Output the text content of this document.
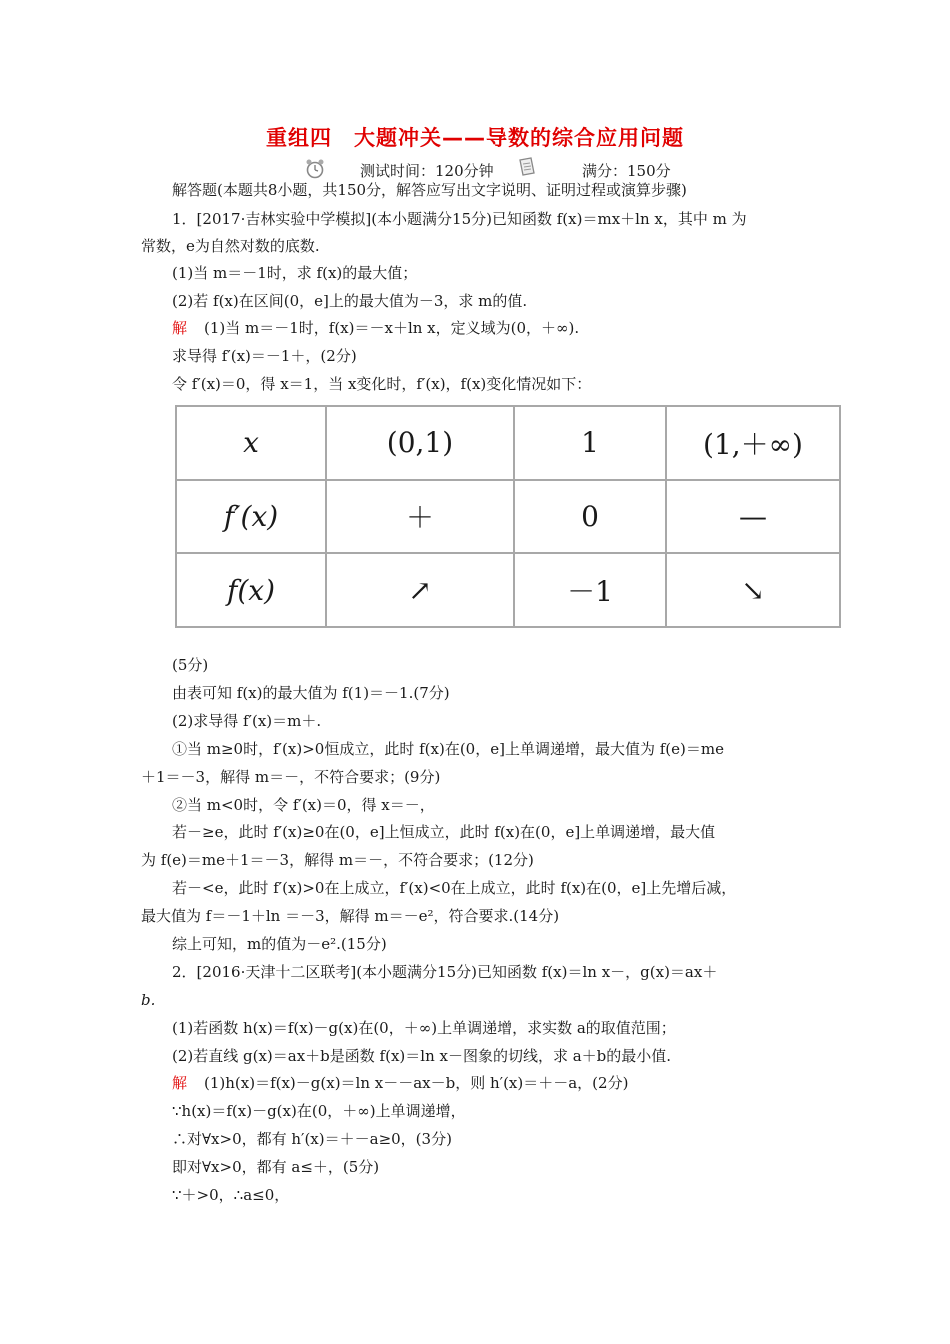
重组四　大题冲关——导数的综合应用问题
测试时间：120分钟	满分：150分
解答题(本题共8小题，共150分，解答应写出文字说明、证明过程或演算步骤)
1．[2017·吉林实验中学模拟](本小题满分15分)已知函数 f(x)＝mx＋ln x，其中 m 为
常数，e为自然对数的底数.
(1)当 m＝－1时，求 f(x)的最大值；
(2)若 f(x)在区间(0，e]上的最大值为－3，求 m的值.
解 (1)当 m＝－1时，f(x)＝－x＋ln x，定义域为(0，＋∞).
求导得 f′(x)＝－1＋，(2分)
令 f′(x)＝0，得 x＝1，当 x变化时，f′(x)，f(x)变化情况如下：
x	(0,1)	1	(1,＋∞)
f′(x)	＋	0	—
f(x)	↗	－1	↘
(5分)
由表可知 f(x)的最大值为 f(1)＝－1.(7分)
(2)求导得 f′(x)＝m＋.
①当 m≥0时，f′(x)>0恒成立，此时 f(x)在(0，e]上单调递增，最大值为 f(e)＝me
＋1＝－3，解得 m＝－，不符合要求；(9分)
②当 m<0时，令 f′(x)＝0，得 x＝－，
若－≥e，此时 f′(x)≥0在(0，e]上恒成立，此时 f(x)在(0，e]上单调递增，最大值
为 f(e)＝me＋1＝－3，解得 m＝－，不符合要求；(12分)
若－<e，此时 f′(x)>0在上成立，f′(x)<0在上成立，此时 f(x)在(0，e]上先增后减，
最大值为 f＝－1＋ln ＝－3，解得 m＝－e²，符合要求.(14分)
综上可知，m的值为－e².(15分)
2．[2016·天津十二区联考](本小题满分15分)已知函数 f(x)＝ln x－，g(x)＝ax＋
b.
(1)若函数 h(x)＝f(x)－g(x)在(0，＋∞)上单调递增，求实数 a的取值范围；
(2)若直线 g(x)＝ax＋b是函数 f(x)＝ln x－图象的切线，求 a＋b的最小值.
解 (1)h(x)＝f(x)－g(x)＝ln x－－ax－b，则 h′(x)＝＋－a，(2分)
∵h(x)＝f(x)－g(x)在(0，＋∞)上单调递增，
∴对∀x>0，都有 h′(x)＝＋－a≥0，(3分)
即对∀x>0，都有 a≤＋，(5分)
∵＋>0，∴a≤0，
